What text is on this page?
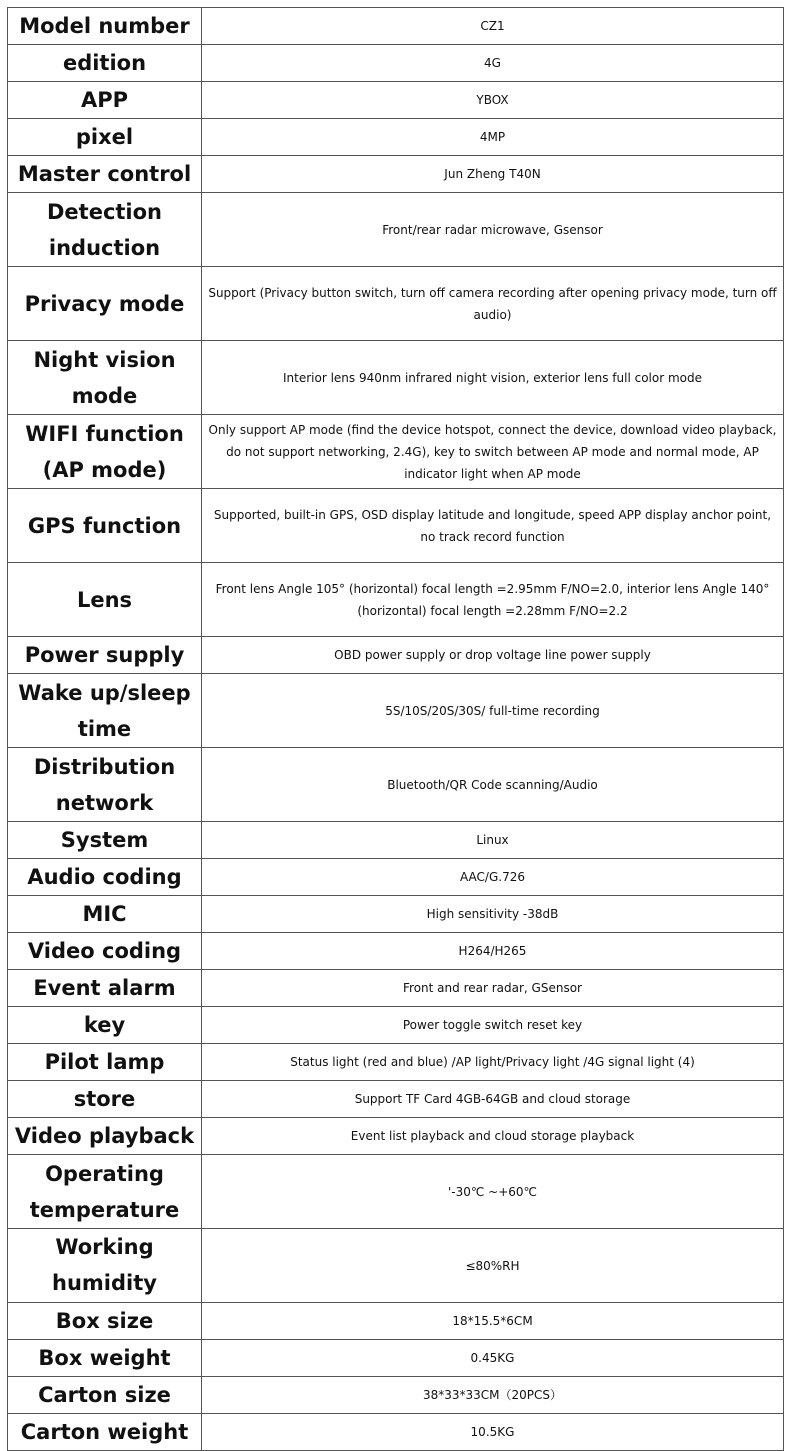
Model number	CZ1
edition	4G
APP	YBOX
pixel	4MP
Master control	Jun Zheng T40N
Detection induction	Front/rear radar microwave, Gsensor
Privacy mode	Support (Privacy button switch, turn off camera recording after opening privacy mode, turn off audio)
Night vision mode	Interior lens 940nm infrared night vision, exterior lens full color mode
WIFI function (AP mode)	Only support AP mode (find the device hotspot, connect the device, download video playback, do not support networking, 2.4G), key to switch between AP mode and normal mode, AP indicator light when AP mode
GPS function	Supported, built-in GPS, OSD display latitude and longitude, speed APP display anchor point, no track record function
Lens	Front lens Angle 105° (horizontal) focal length =2.95mm F/NO=2.0, interior lens Angle 140° (horizontal) focal length =2.28mm F/NO=2.2
Power supply	OBD power supply or drop voltage line power supply
Wake up/sleep time	5S/10S/20S/30S/ full-time recording
Distribution network	Bluetooth/QR Code scanning/Audio
System	Linux
Audio coding	AAC/G.726
MIC	High sensitivity -38dB
Video coding	H264/H265
Event alarm	Front and rear radar, GSensor
key	Power toggle switch reset key
Pilot lamp	Status light (red and blue) /AP light/Privacy light /4G signal light (4)
store	Support TF Card 4GB-64GB and cloud storage
Video playback	Event list playback and cloud storage playback
Operating temperature	'-30℃ ~+60℃
Working humidity	≤80%RH
Box size	18*15.5*6CM
Box weight	0.45KG
Carton size	38*33*33CM（20PCS）
Carton weight	10.5KG
